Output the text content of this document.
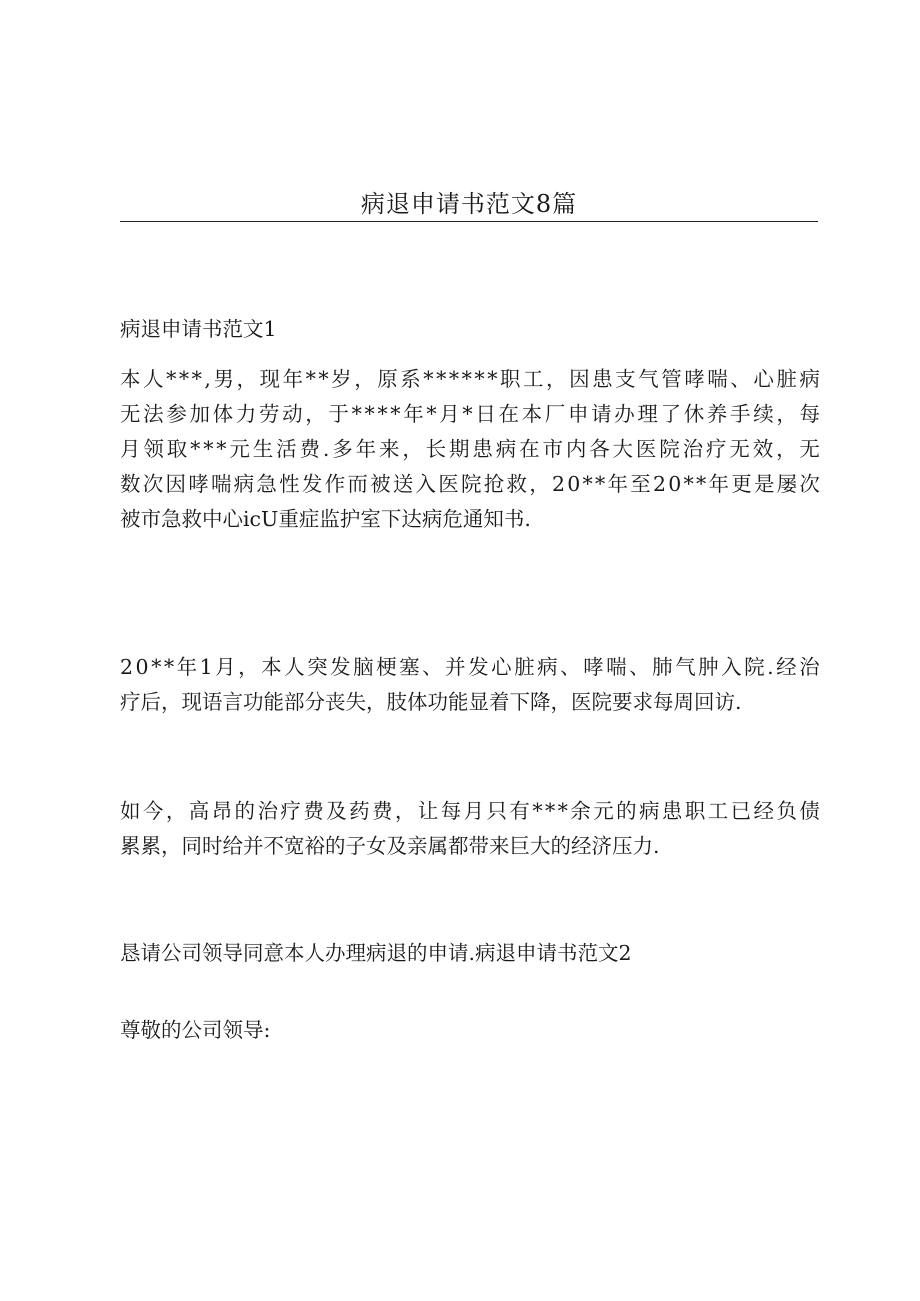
病退申请书范文8篇

病退申请书范文1

本 人 * * * , 男 ， 现 年 * * 岁 ， 原 系 * * * * * * 职 工 ， 因 患 支 气 管 哮 喘 、 心 脏 病
无 法 参 加 体 力 劳 动 ， 于 * * * * 年 * 月 * 日 在 本 厂 申 请 办 理 了 休 养 手 续 ， 每
月 领 取 * * * 元 生 活 费 . 多 年 来 ， 长 期 患 病 在 市 内 各 大 医 院 治 疗 无 效 ， 无
数 次 因 哮 喘 病 急 性 发 作 而 被 送 入 医 院 抢 救 ， 2 0 * * 年 至 2 0 * * 年 更 是 屡 次
被市急救中心icU重症监护室下达病危通知书.
2 0 * * 年 1 月 ， 本 人 突 发 脑 梗 塞 、 并 发 心 脏 病 、 哮 喘 、 肺 气 肿 入 院 . 经 治
疗后，现语言功能部分丧失，肢体功能显着下降，医院要求每周回访.
如 今 ， 高 昂 的 治 疗 费 及 药 费 ， 让 每 月 只 有 * * * 余 元 的 病 患 职 工 已 经 负 债
累累，同时给并不宽裕的子女及亲属都带来巨大的经济压力.

恳请公司领导同意本人办理病退的申请.病退申请书范文2

尊敬的公司领导:
